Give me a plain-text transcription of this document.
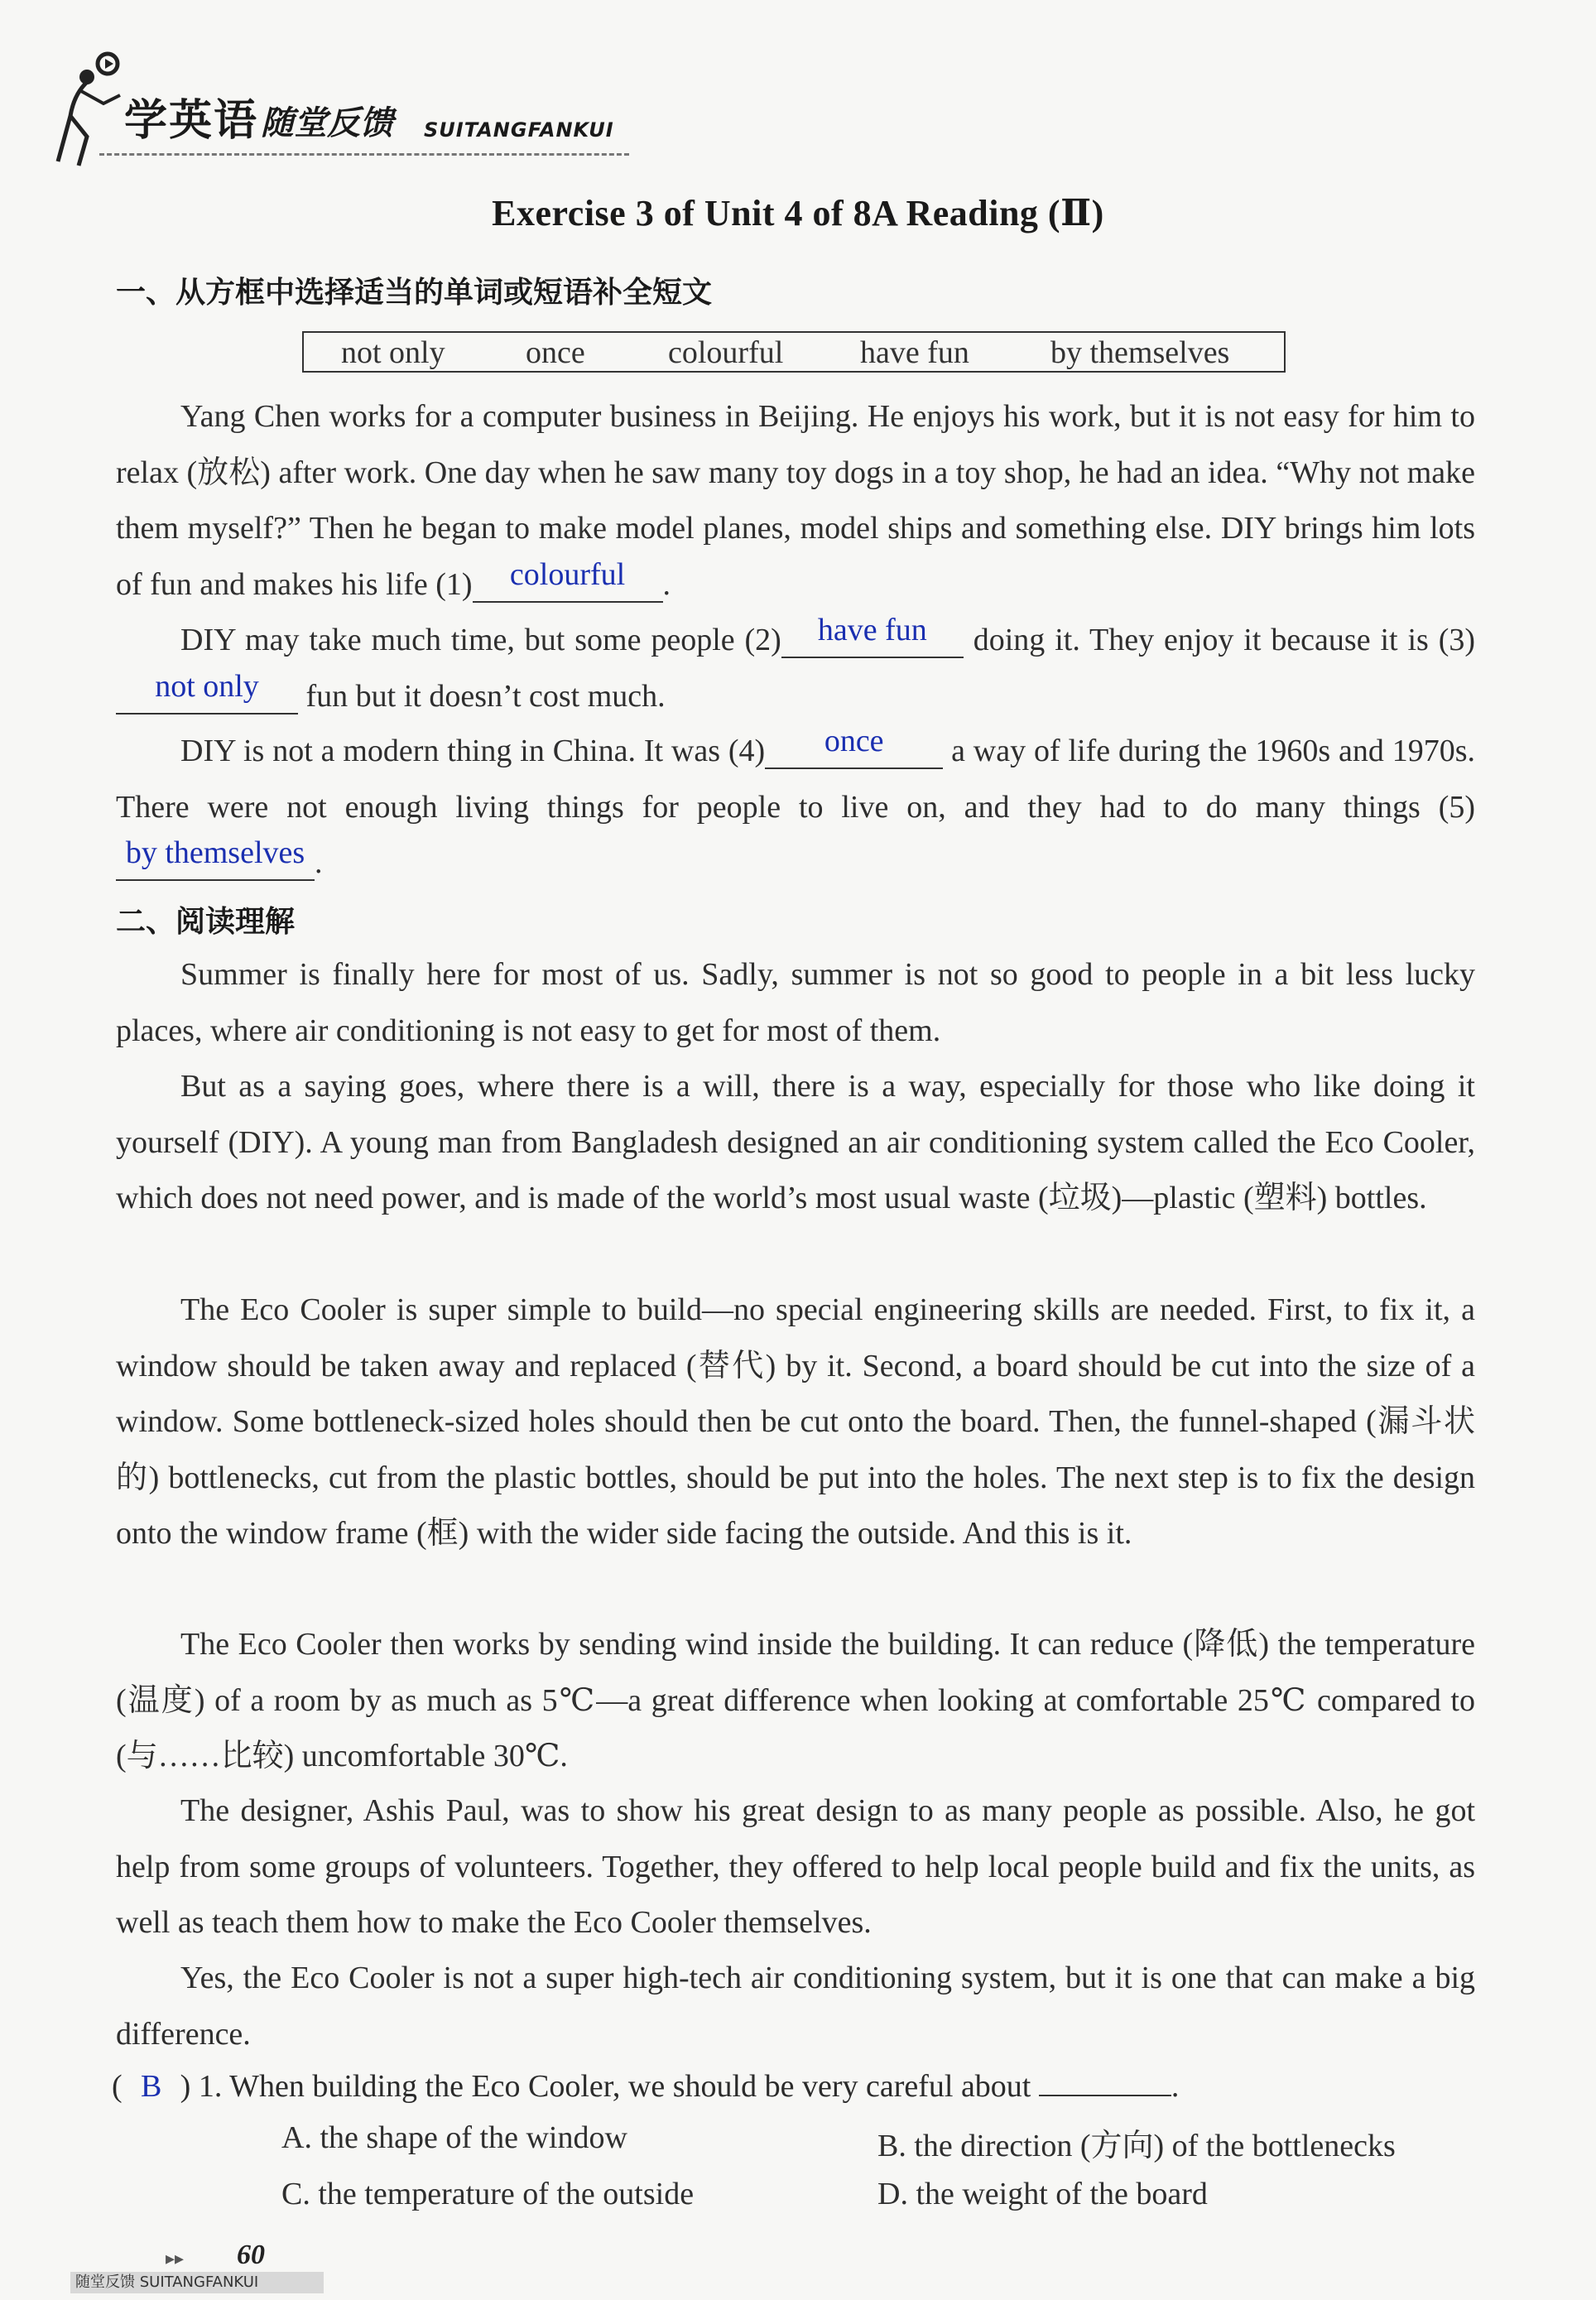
学英语 随堂反馈 SUITANGFANKUI
Exercise 3 of Unit 4 of 8A Reading (Ⅱ)
一、从方框中选择适当的单词或短语补全短文
not only	once	colourful have fun	by themselves
Yang Chen works for a computer business in Beijing. He enjoys his work, but it is not easy for him to relax (放松) after work. One day when he saw many toy dogs in a toy shop, he had an idea. “Why not make them myself?” Then he began to make model planes, model ships and something else. DIY brings him lots of fun and makes his life (1) colourful .
DIY may take much time, but some people (2) have fun doing it. They enjoy it because it is (3)not only fun but it doesn’t cost much.
DIY is not a modern thing in China. It was (4) once a way of life during the 1960s and 1970s. There were not enough living things for people to live on, and they had to do many things (5)by themselves .
二、阅读理解
Summer is finally here for most of us. Sadly, summer is not so good to people in a bit less lucky places, where air conditioning is not easy to get for most of them.
But as a saying goes, where there is a will, there is a way, especially for those who like doing it yourself (DIY). A young man from Bangladesh designed an air conditioning system called the Eco Cooler, which does not need power, and is made of the world’s most usual waste (垃圾)—plastic (塑料) bottles.
The Eco Cooler is super simple to build—no special engineering skills are needed. First, to fix it, a window should be taken away and replaced (替代) by it. Second, a board should be cut into the size of a window. Some bottleneck-sized holes should then be cut onto the board. Then, the funnel-shaped (漏斗状的) bottlenecks, cut from the plastic bottles, should be put into the holes. The next step is to fix the design onto the window frame (框) with the wider side facing the outside. And this is it.
The Eco Cooler then works by sending wind inside the building. It can reduce (降低) the temperature (温度) of a room by as much as 5℃—a great difference when looking at comfortable 25℃ compared to (与……比较) uncomfortable 30℃.
The designer, Ashis Paul, was to show his great design to as many people as possible. Also, he got help from some groups of volunteers. Together, they offered to help local people build and fix the units, as well as teach them how to make the Eco Cooler themselves.
Yes, the Eco Cooler is not a super high-tech air conditioning system, but it is one that can make a big difference.
( B ) 1. When building the Eco Cooler, we should be very careful about	.
A. the shape of the window	B. the direction (方向) of the bottlenecks
C. the temperature of the outside	D. the weight of the board
▸▸ 60
随堂反馈 SUITANGFANKUI
